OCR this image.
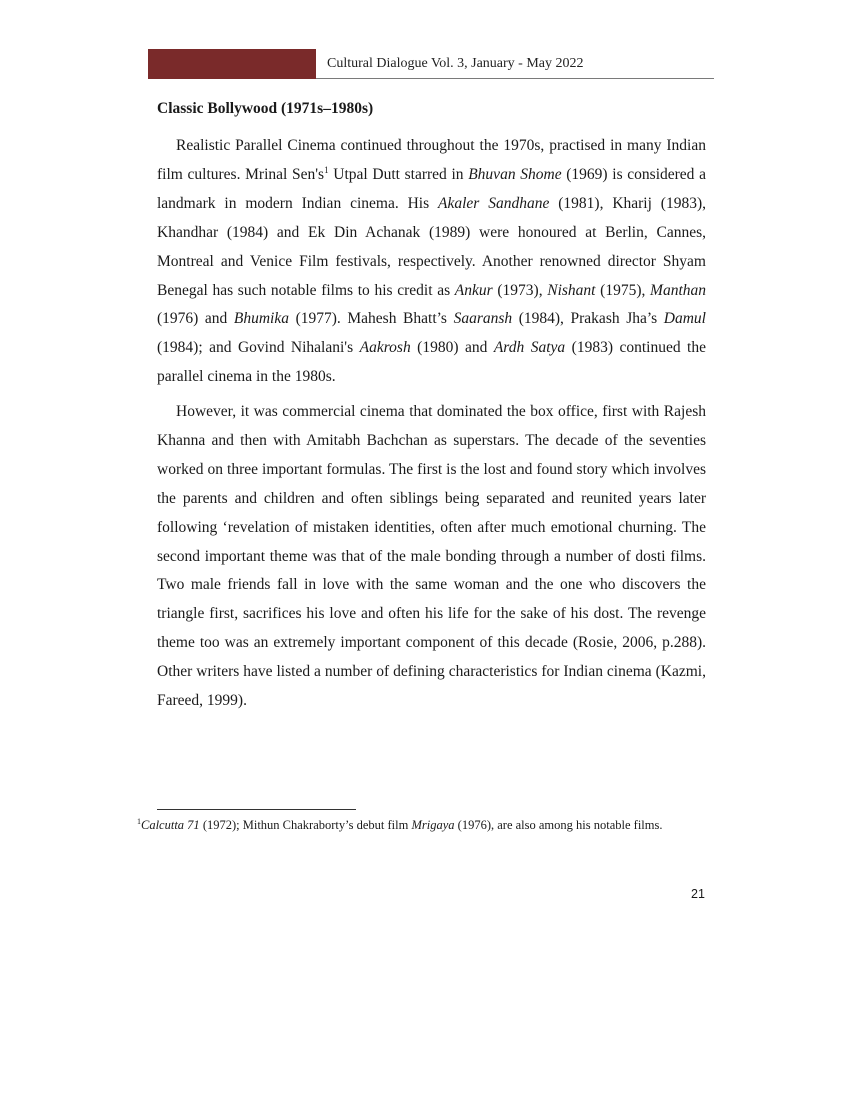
Cultural Dialogue Vol. 3, January - May 2022
Classic Bollywood (1971s–1980s)

Realistic Parallel Cinema continued throughout the 1970s, practised in many Indian film cultures. Mrinal Sen's$^1$ Utpal Dutt starred in Bhuvan Shome (1969) is considered a landmark in modern Indian cinema. His Akaler Sandhane (1981), Kharij (1983), Khandhar (1984) and Ek Din Achanak (1989) were honoured at Berlin, Cannes, Montreal and Venice Film festivals, respectively. Another renowned director Shyam Benegal has such notable films to his credit as Ankur (1973), Nishant (1975), Manthan (1976) and Bhumika (1977). Mahesh Bhatt’s Saaransh (1984), Prakash Jha’s Damul (1984); and Govind Nihalani's Aakrosh (1980) and Ardh Satya (1983) continued the parallel cinema in the 1980s.

However, it was commercial cinema that dominated the box office, first with Rajesh Khanna and then with Amitabh Bachchan as superstars. The decade of the seventies worked on three important formulas. The first is the lost and found story which involves the parents and children and often siblings being separated and reunited years later following ‘revelation of mistaken identities, often after much emotional churning. The second important theme was that of the male bonding through a number of dosti films. Two male friends fall in love with the same woman and the one who discovers the triangle first, sacrifices his love and often his life for the sake of his dost. The revenge theme too was an extremely important component of this decade (Rosie, 2006, p.288). Other writers have listed a number of defining characteristics for Indian cinema (Kazmi, Fareed, 1999).

$^1$Calcutta 71 (1972); Mithun Chakraborty’s debut film Mrigaya (1976), are also among his notable films.

21
